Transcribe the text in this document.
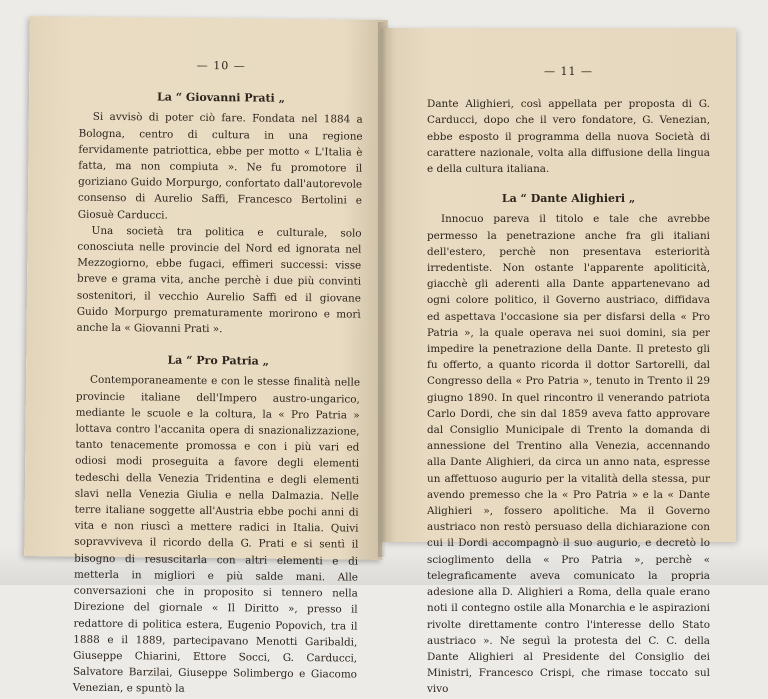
— 10 —
La “ Giovanni Prati „

Si avvisò di poter ciò fare. Fondata nel 1884 a Bologna, centro di cultura in una regione fervidamente patriottica, ebbe per motto « L'Italia è fatta, ma non compiuta ». Ne fu promotore il goriziano Guido Morpurgo, confortato dall'autorevole consenso di Aurelio Saffi, Francesco Bertolini e Giosuè Carducci.

Una società tra politica e culturale, solo conosciuta nelle provincie del Nord ed ignorata nel Mezzogiorno, ebbe fugaci, effimeri successi: visse breve e grama vita, anche perchè i due più convinti sostenitori, il vecchio Aurelio Saffi ed il giovane Guido Morpurgo prematuramente morirono e morì anche la « Giovanni Prati ».

La “ Pro Patria „

Contemporaneamente e con le stesse finalità nelle provincie italiane dell'Impero austro-ungarico, mediante le scuole e la coltura, la « Pro Patria » lottava contro l'accanita opera di snazionalizzazione, tanto tenacemente promossa e con i più vari ed odiosi modi proseguita a favore degli elementi tedeschi della Venezia Tridentina e degli elementi slavi nella Venezia Giulia e nella Dalmazia. Nelle terre italiane soggette all'Austria ebbe pochi anni di vita e non riuscì a mettere radici in Italia. Quivi sopravviveva il ricordo della G. Prati e si sentì il bisogno di resuscitarla con altri elementi e di metterla in migliori e più salde mani. Alle conversazioni che in proposito si tennero nella Direzione del giornale « Il Diritto », presso il redattore di politica estera, Eugenio Popovich, tra il 1888 e il 1889, partecipavano Menotti Garibaldi, Giuseppe Chiarini, Ettore Socci, G. Carducci, Salvatore Barzilai, Giuseppe Solimbergo e Giacomo Venezian, e spuntò la

— 11 —

Dante Alighieri, così appellata per proposta di G. Carducci, dopo che il vero fondatore, G. Venezian, ebbe esposto il programma della nuova Società di carattere nazionale, volta alla diffusione della lingua e della cultura italiana.

La “ Dante Alighieri „

Innocuo pareva il titolo e tale che avrebbe permesso la penetrazione anche fra gli italiani dell'estero, perchè non presentava esteriorità irredentiste. Non ostante l'apparente apoliticità, giacchè gli aderenti alla Dante appartenevano ad ogni colore politico, il Governo austriaco, diffidava ed aspettava l'occasione sia per disfarsi della « Pro Patria », la quale operava nei suoi domini, sia per impedire la penetrazione della Dante. Il pretesto gli fu offerto, a quanto ricorda il dottor Sartorelli, dal Congresso della « Pro Patria », tenuto in Trento il 29 giugno 1890. In quel rincontro il venerando patriota Carlo Dordi, che sin dal 1859 aveva fatto approvare dal Consiglio Municipale di Trento la domanda di annessione del Trentino alla Venezia, accennando alla Dante Alighieri, da circa un anno nata, espresse un affettuoso augurio per la vitalità della stessa, pur avendo premesso che la « Pro Patria » e la « Dante Alighieri », fossero apolitiche. Ma il Governo austriaco non restò persuaso della dichiarazione con cui il Dordi accompagnò il suo augurio, e decretò lo scioglimento della « Pro Patria », perchè « telegraficamente aveva comunicato la propria adesione alla D. Alighieri a Roma, della quale erano noti il contegno ostile alla Monarchia e le aspirazioni rivolte direttamente contro l'interesse dello Stato austriaco ». Ne seguì la protesta del C. C. della Dante Alighieri al Presidente del Consiglio dei Ministri, Francesco Crispi, che rimase toccato sul vivo
